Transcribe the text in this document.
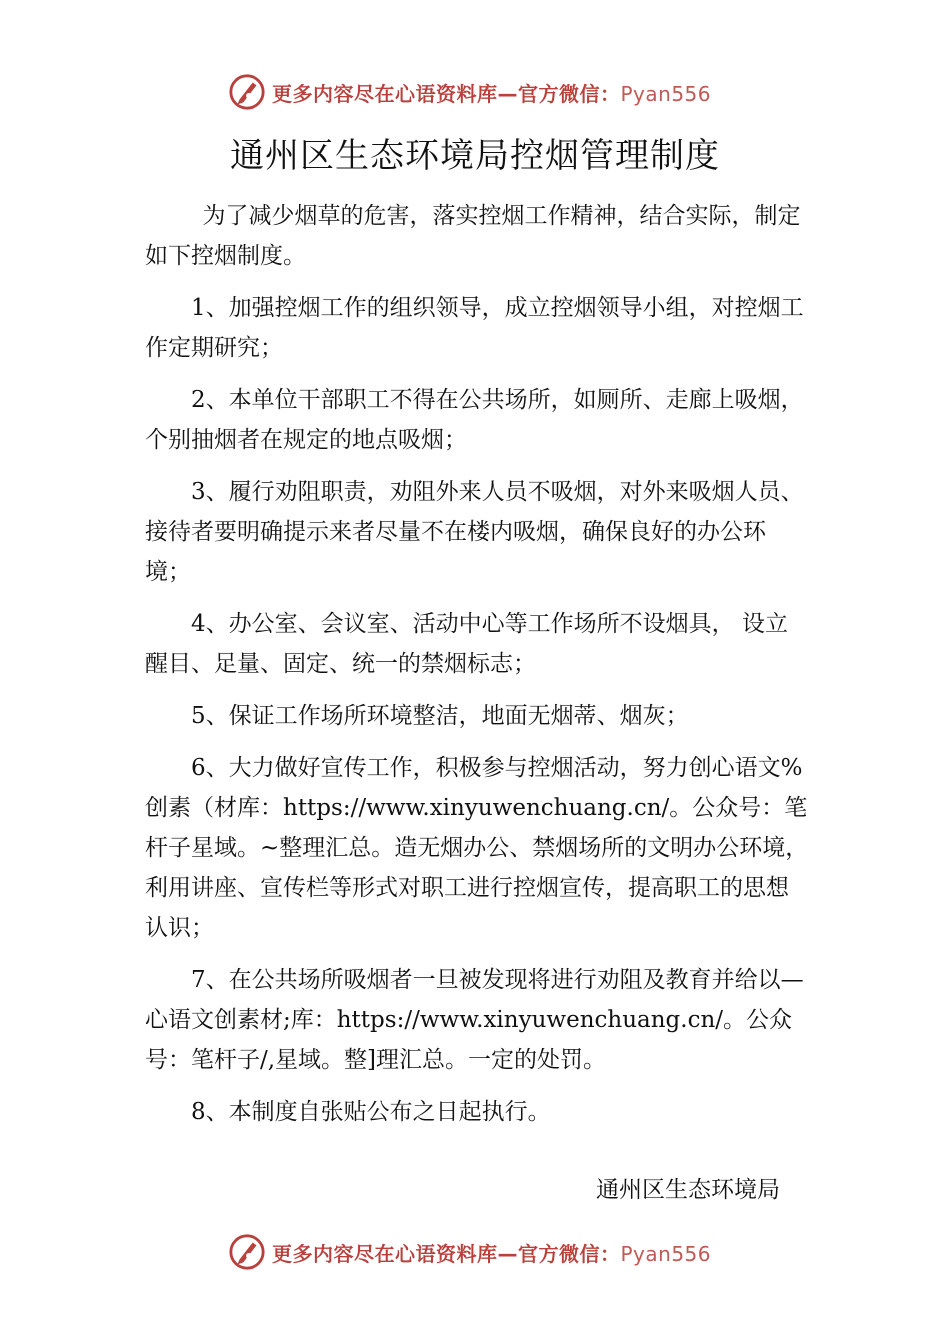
更多内容尽在心语资料库—官方微信：Pyan556
通州区生态环境局控烟管理制度

为了减少烟草的危害，落实控烟工作精神，结合实际，制定如下控烟制度。

1、加强控烟工作的组织领导，成立控烟领导小组，对控烟工作定期研究；

2、本单位干部职工不得在公共场所，如厕所、走廊上吸烟，个别抽烟者在规定的地点吸烟；

3、履行劝阻职责，劝阻外来人员不吸烟，对外来吸烟人员、接待者要明确提示来者尽量不在楼内吸烟，确保良好的办公环境；

4、办公室、会议室、活动中心等工作场所不设烟具， 设立醒目、足量、固定、统一的禁烟标志；

5、保证工作场所环境整洁，地面无烟蒂、烟灰；

6、大力做好宣传工作，积极参与控烟活动，努力创心语文%创素（材库：https://www.xinyuwenchuang.cn/。公众号：笔杆子星域。~整理汇总。造无烟办公、禁烟场所的文明办公环境，利用讲座、宣传栏等形式对职工进行控烟宣传，提高职工的思想认识；

7、在公共场所吸烟者一旦被发现将进行劝阻及教育并给以—心语文创素材;库：https://www.xinyuwenchuang.cn/。公众号：笔杆子/,星域。整]理汇总。一定的处罚。

8、本制度自张贴公布之日起执行。

通州区生态环境局
更多内容尽在心语资料库—官方微信：Pyan556
